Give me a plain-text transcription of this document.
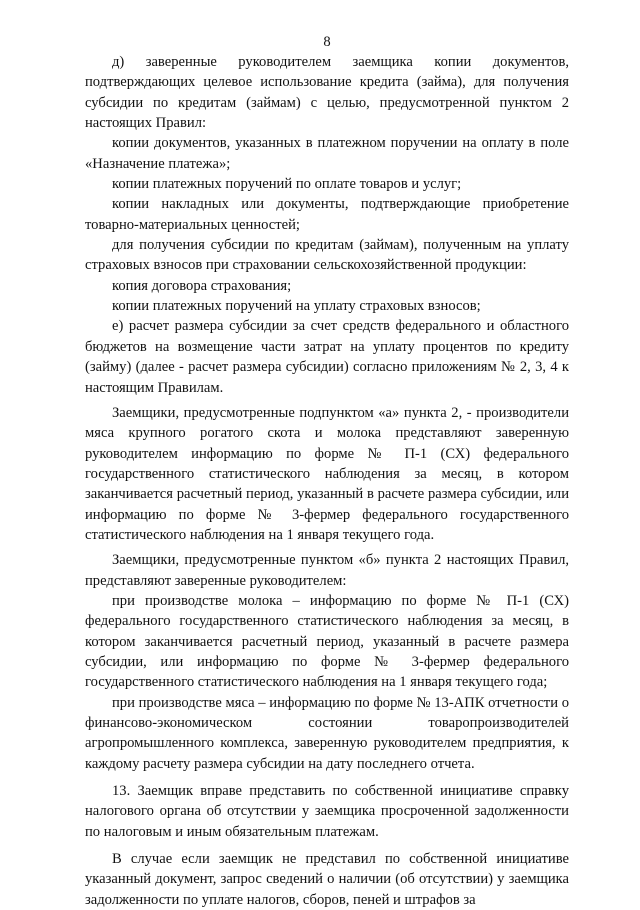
8

д) заверенные руководителем заемщика копии документов, подтверждающих целевое использование кредита (займа), для получения субсидии по кредитам (займам) с целью, предусмотренной пунктом 2 настоящих Правил:

копии документов, указанных в платежном поручении на оплату в поле «Назначение платежа»;

копии платежных поручений по оплате товаров и услуг;

копии накладных или документы, подтверждающие приобретение товарно-материальных ценностей;

для получения субсидии по кредитам (займам), полученным на уплату страховых взносов при страховании сельскохозяйственной продукции:

копия договора страхования;

копии платежных поручений на уплату страховых взносов;

е) расчет размера субсидии за счет средств федерального и областного бюджетов на возмещение части затрат на уплату процентов по кредиту (займу) (далее - расчет размера субсидии) согласно приложениям № 2, 3, 4 к настоящим Правилам.

Заемщики, предусмотренные подпунктом «а» пункта 2, - производители мяса крупного рогатого скота и молока представляют заверенную руководителем информацию по форме № П-1 (СХ) федерального государственного статистического наблюдения за месяц, в котором заканчивается расчетный период, указанный в расчете размера субсидии, или информацию по форме № 3-фермер федерального государственного статистического наблюдения на 1 января текущего года.

Заемщики, предусмотренные пунктом «б» пункта 2 настоящих Правил, представляют заверенные руководителем:

при производстве молока – информацию по форме № П-1 (СХ) федерального государственного статистического наблюдения за месяц, в котором заканчивается расчетный период, указанный в расчете размера субсидии, или информацию по форме № 3-фермер федерального государственного статистического наблюдения на 1 января текущего года;

при производстве мяса – информацию по форме № 13-АПК отчетности о финансово-экономическом состоянии товаропроизводителей агропромышленного комплекса, заверенную руководителем предприятия, к каждому расчету размера субсидии на дату последнего отчета.

13. Заемщик вправе представить по собственной инициативе справку налогового органа об отсутствии у заемщика просроченной задолженности по налоговым и иным обязательным платежам.

В случае если заемщик не представил по собственной инициативе указанный документ, запрос сведений о наличии (об отсутствии) у заемщика задолженности по уплате налогов, сборов, пеней и штрафов за
